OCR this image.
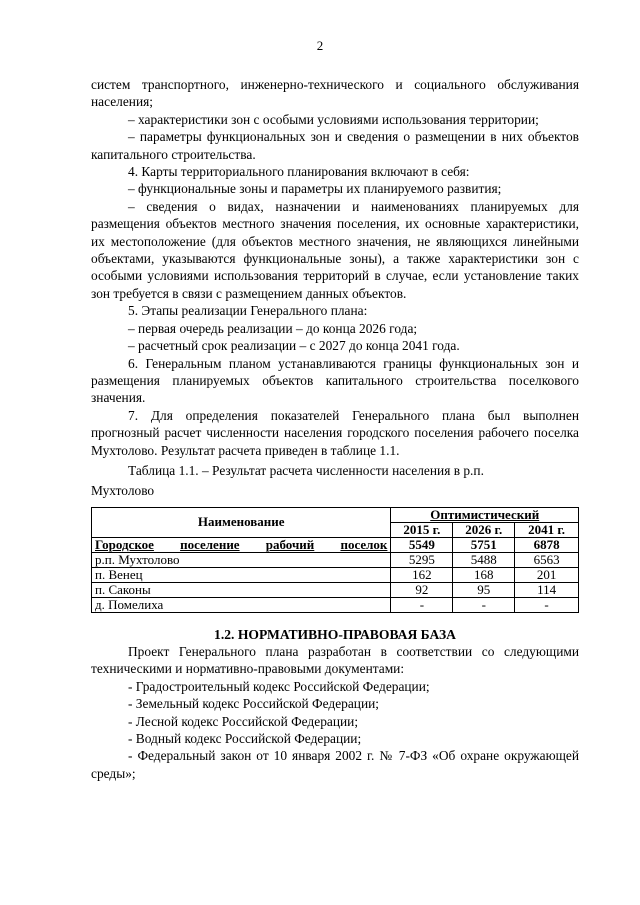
2

систем транспортного, инженерно-технического и социального обслуживания населения;

– характеристики зон с особыми условиями использования территории;

– параметры функциональных зон и сведения о размещении в них объектов капитального строительства.

4. Карты территориального планирования включают в себя:

– функциональные зоны и параметры их планируемого развития;

– сведения о видах, назначении и наименованиях планируемых для размещения объектов местного значения поселения, их основные характеристики, их местоположение (для объектов местного значения, не являющихся линейными объектами, указываются функциональные зоны), а также характеристики зон с особыми условиями использования территорий в случае, если установление таких зон требуется в связи с размещением данных объектов.

5. Этапы реализации Генерального плана:

– первая очередь реализации – до конца 2026 года;

– расчетный срок реализации – с 2027 до конца 2041 года.

6. Генеральным планом устанавливаются границы функциональных зон и размещения планируемых объектов капитального строительства поселкового значения.

7. Для определения показателей Генерального плана был выполнен прогнозный расчет численности населения городского поселения рабочего поселка Мухтолово. Результат расчета приведен в таблице 1.1.

Таблица 1.1. – Результат расчета численности населения в р.п.

Мухтолово

Наименование	Оптимистический		
	2015 г.	2026 г.	2041 г.

Городское поселение рабочий поселок	5549	5751	6878
р.п. Мухтолово	5295	5488	6563
п. Венец	162	168	201
п. Саконы	92	95	114
д. Помелиха	-	-	-

1.2. НОРМАТИВНО-ПРАВОВАЯ БАЗА

Проект Генерального плана разработан в соответствии со следующими техническими и нормативно-правовыми документами:

- Градостроительный кодекс Российской Федерации;

- Земельный кодекс Российской Федерации;

- Лесной кодекс Российской Федерации;

- Водный кодекс Российской Федерации;

- Федеральный закон от 10 января 2002 г. № 7-ФЗ «Об охране окружающей среды»;
